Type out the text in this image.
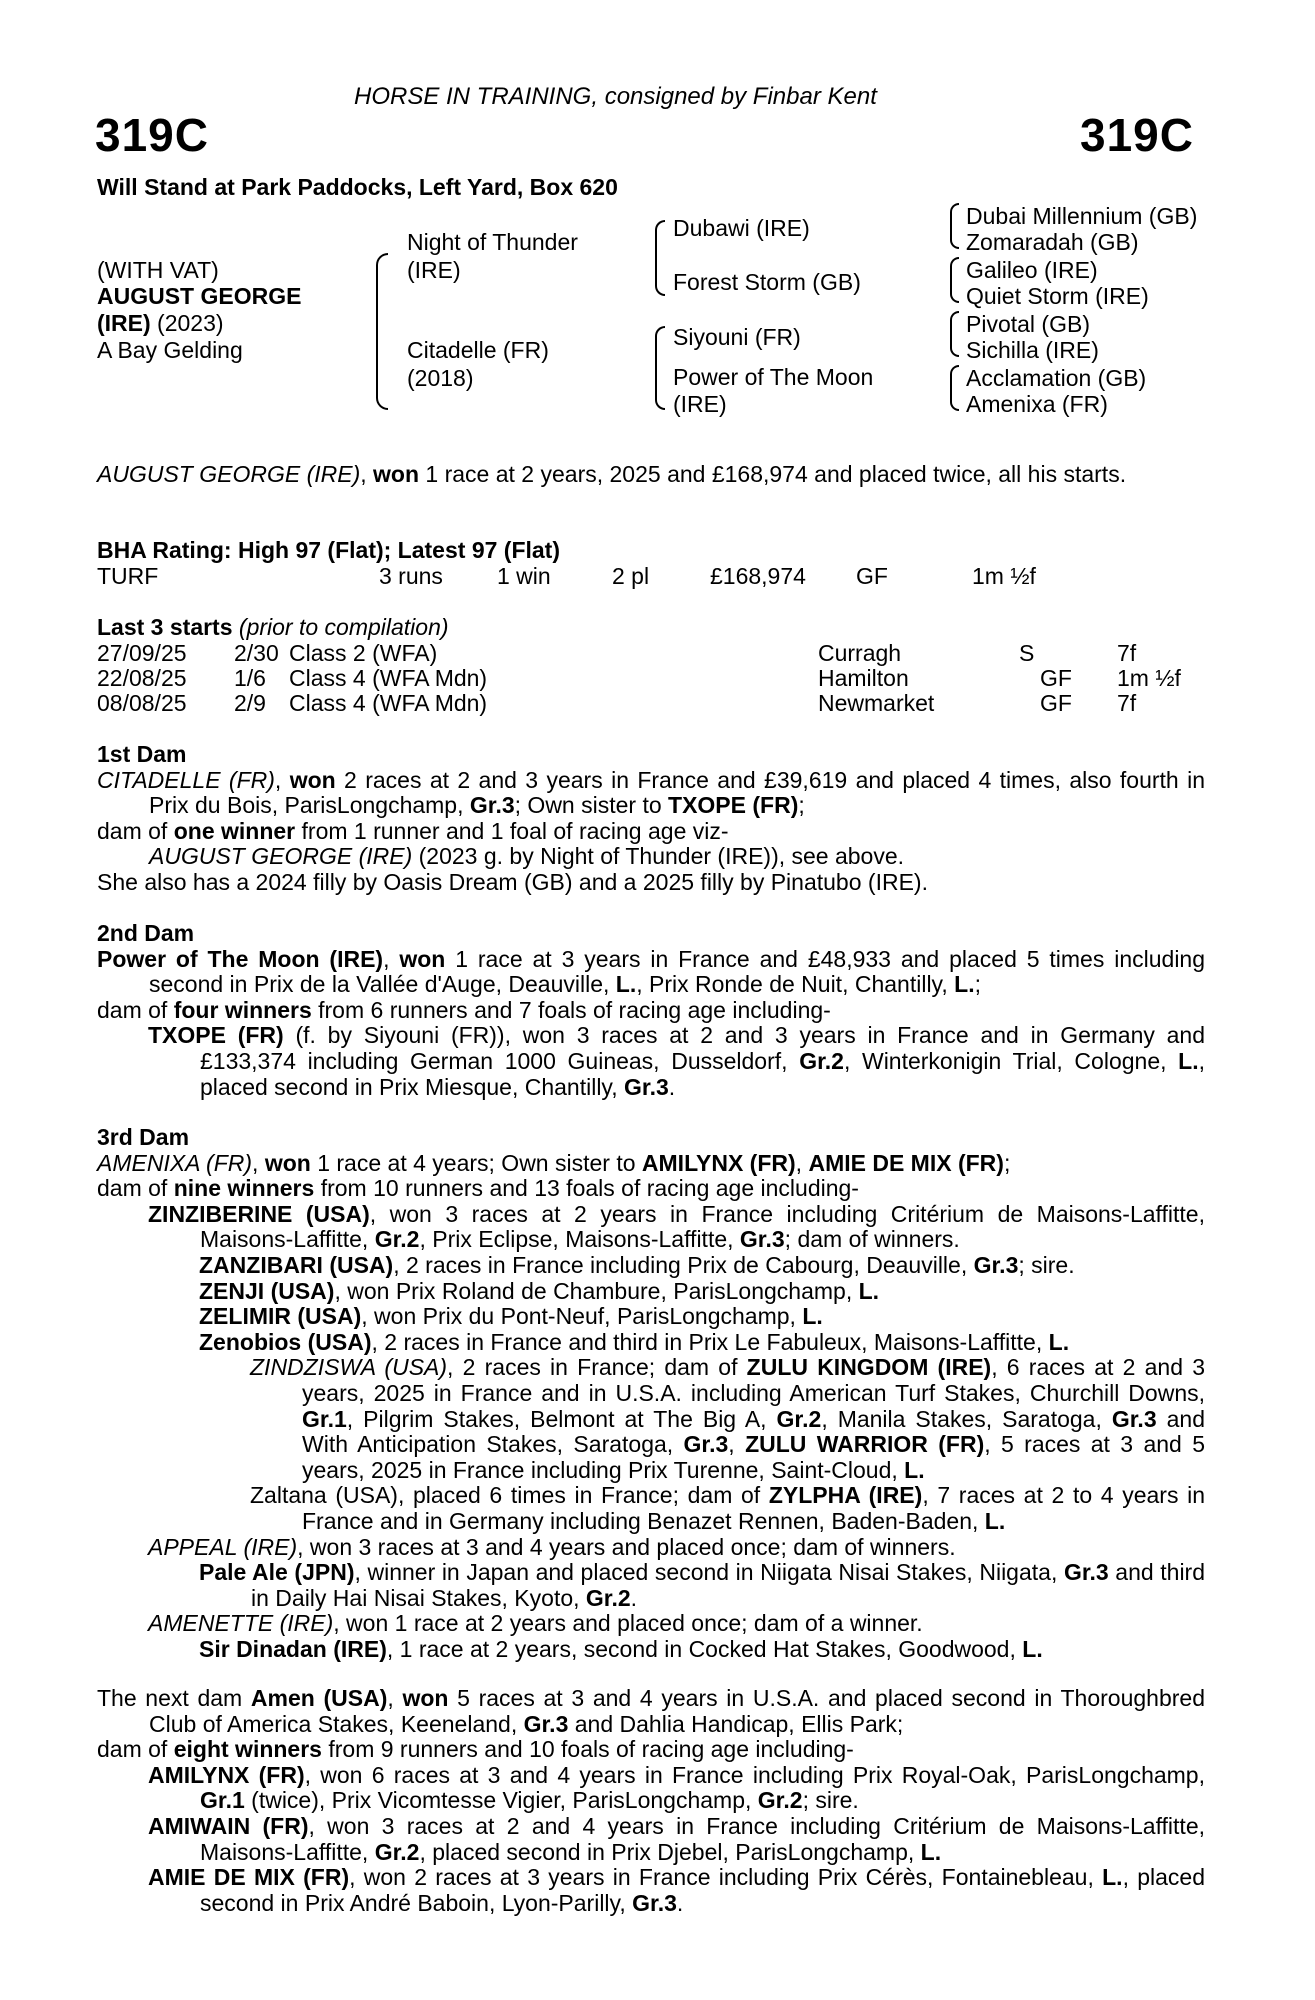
HORSE IN TRAINING, consigned by Finbar Kent
319C	319C
Will Stand at Park Paddocks, Left Yard, Box 620
(WITH VAT)
AUGUST GEORGE
(IRE) (2023)
A Bay Gelding
Night of Thunder
(IRE)
Citadelle (FR)
(2018)
Dubawi (IRE)
Forest Storm (GB)
Siyouni (FR)
Power of The Moon
(IRE)
Dubai Millennium (GB)
Zomaradah (GB)
Galileo (IRE)
Quiet Storm (IRE)
Pivotal (GB)
Sichilla (IRE)
Acclamation (GB)
Amenixa (FR)

AUGUST GEORGE (IRE), won 1 race at 2 years, 2025 and £168,974 and placed twice, all his starts.

BHA Rating: High 97 (Flat); Latest 97 (Flat)
TURF	3 runs 1 win	2 pl	£168,974 GF	1m ½f
Last 3 starts (prior to compilation)
27/09/25 2/30 Class 2 (WFA)	Curragh	S	7f
22/08/25 1/6 Class 4 (WFA Mdn)	Hamilton	GF 1m ½f
08/08/25 2/9 Class 4 (WFA Mdn)	Newmarket	GF 7f

1st Dam

CITADELLE (FR), won 2 races at 2 and 3 years in France and £39,619 and placed 4 times, also fourth in Prix du Bois, ParisLongchamp, Gr.3; Own sister to TXOPE (FR);

dam of one winner from 1 runner and 1 foal of racing age viz-

AUGUST GEORGE (IRE) (2023 g. by Night of Thunder (IRE)), see above.

She also has a 2024 filly by Oasis Dream (GB) and a 2025 filly by Pinatubo (IRE).

2nd Dam

Power of The Moon (IRE), won 1 race at 3 years in France and £48,933 and placed 5 times including second in Prix de la Vallée d'Auge, Deauville, L., Prix Ronde de Nuit, Chantilly, L.;

dam of four winners from 6 runners and 7 foals of racing age including-

TXOPE (FR) (f. by Siyouni (FR)), won 3 races at 2 and 3 years in France and in Germany and £133,374 including German 1000 Guineas, Dusseldorf, Gr.2, Winterkonigin Trial, Cologne, L., placed second in Prix Miesque, Chantilly, Gr.3.

3rd Dam

AMENIXA (FR), won 1 race at 4 years; Own sister to AMILYNX (FR), AMIE DE MIX (FR);

dam of nine winners from 10 runners and 13 foals of racing age including-

ZINZIBERINE (USA), won 3 races at 2 years in France including Critérium de Maisons-Laffitte, Maisons-Laffitte, Gr.2, Prix Eclipse, Maisons-Laffitte, Gr.3; dam of winners.

ZANZIBARI (USA), 2 races in France including Prix de Cabourg, Deauville, Gr.3; sire.

ZENJI (USA), won Prix Roland de Chambure, ParisLongchamp, L.

ZELIMIR (USA), won Prix du Pont-Neuf, ParisLongchamp, L.

Zenobios (USA), 2 races in France and third in Prix Le Fabuleux, Maisons-Laffitte, L.

ZINDZISWA (USA), 2 races in France; dam of ZULU KINGDOM (IRE), 6 races at 2 and 3 years, 2025 in France and in U.S.A. including American Turf Stakes, Churchill Downs, Gr.1, Pilgrim Stakes, Belmont at The Big A, Gr.2, Manila Stakes, Saratoga, Gr.3 and With Anticipation Stakes, Saratoga, Gr.3, ZULU WARRIOR (FR), 5 races at 3 and 5 years, 2025 in France including Prix Turenne, Saint-Cloud, L.

Zaltana (USA), placed 6 times in France; dam of ZYLPHA (IRE), 7 races at 2 to 4 years in France and in Germany including Benazet Rennen, Baden-Baden, L.

APPEAL (IRE), won 3 races at 3 and 4 years and placed once; dam of winners.

Pale Ale (JPN), winner in Japan and placed second in Niigata Nisai Stakes, Niigata, Gr.3 and third in Daily Hai Nisai Stakes, Kyoto, Gr.2.

AMENETTE (IRE), won 1 race at 2 years and placed once; dam of a winner.

Sir Dinadan (IRE), 1 race at 2 years, second in Cocked Hat Stakes, Goodwood, L.

The next dam Amen (USA), won 5 races at 3 and 4 years in U.S.A. and placed second in Thoroughbred Club of America Stakes, Keeneland, Gr.3 and Dahlia Handicap, Ellis Park;

dam of eight winners from 9 runners and 10 foals of racing age including-

AMILYNX (FR), won 6 races at 3 and 4 years in France including Prix Royal-Oak, ParisLongchamp, Gr.1 (twice), Prix Vicomtesse Vigier, ParisLongchamp, Gr.2; sire.

AMIWAIN (FR), won 3 races at 2 and 4 years in France including Critérium de Maisons-Laffitte, Maisons-Laffitte, Gr.2, placed second in Prix Djebel, ParisLongchamp, L.

AMIE DE MIX (FR), won 2 races at 3 years in France including Prix Cérès, Fontainebleau, L., placed second in Prix André Baboin, Lyon-Parilly, Gr.3.
